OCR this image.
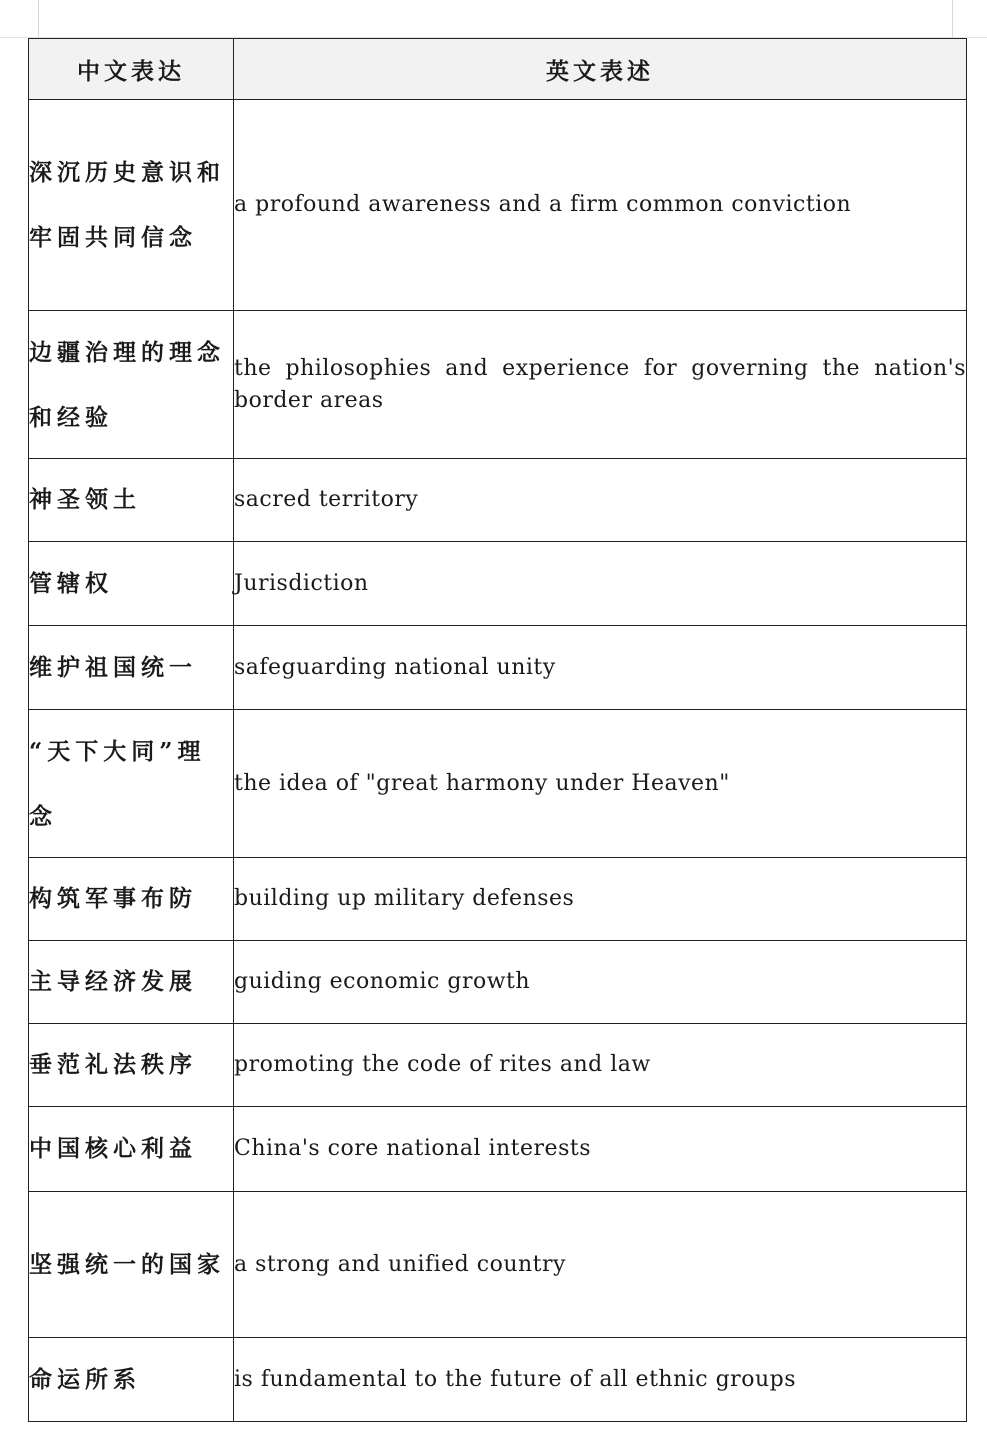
中文表达	英文表述
深沉历史意识和牢固共同信念	a profound awareness and a firm common conviction
边疆治理的理念和经验	the philosophies and experience for governing the nation's border areas
神圣领土	sacred territory
管辖权	Jurisdiction
维护祖国统一	safeguarding national unity
“天下大同”理念	the idea of "great harmony under Heaven"
构筑军事布防	building up military defenses
主导经济发展	guiding economic growth
垂范礼法秩序	promoting the code of rites and law
中国核心利益	China's core national interests
坚强统一的国家	a strong and unified country
命运所系	is fundamental to the future of all ethnic groups
